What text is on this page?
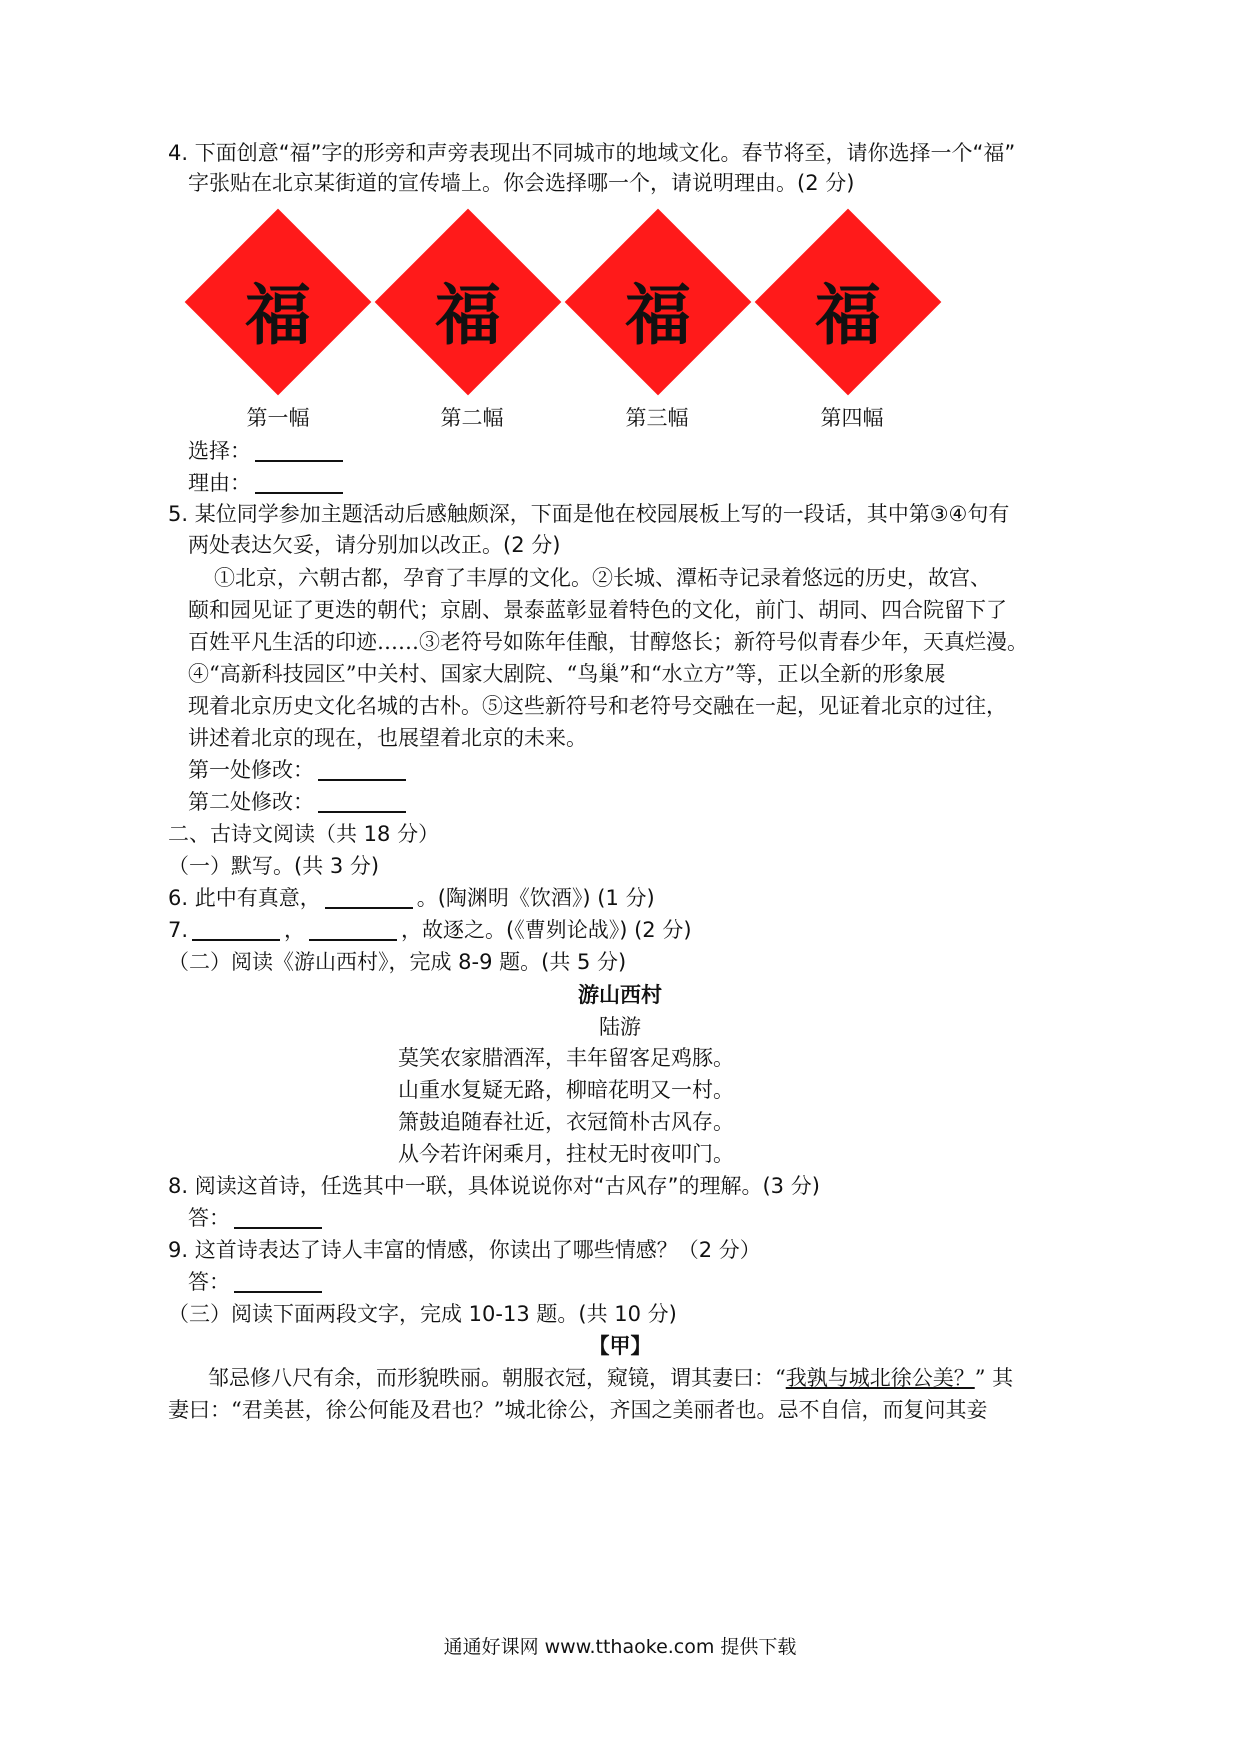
4. 下面创意“福”字的形旁和声旁表现出不同城市的地域文化。春节将至，请你选择一个“福”
字张贴在北京某街道的宣传墙上。你会选择哪一个，请说明理由。(2 分)
福	福	福	福
第一幅	第二幅	第三幅	第四幅
选择：
理由：
5. 某位同学参加主题活动后感触颇深，下面是他在校园展板上写的一段话，其中第③④句有
两处表达欠妥，请分别加以改正。(2 分)
①北京，六朝古都，孕育了丰厚的文化。②长城、潭柘寺记录着悠远的历史，故宫、
颐和园见证了更迭的朝代；京剧、景泰蓝彰显着特色的文化，前门、胡同、四合院留下了
百姓平凡生活的印迹……③老符号如陈年佳酿，甘醇悠长；新符号似青春少年，天真烂漫。
④“高新科技园区”中关村、国家大剧院、“鸟巢”和“水立方”等，正以全新的形象展
现着北京历史文化名城的古朴。⑤这些新符号和老符号交融在一起，见证着北京的过往，
讲述着北京的现在，也展望着北京的未来。
第一处修改：
第二处修改：
二、古诗文阅读（共 18 分）
（一）默写。(共 3 分)
6. 此中有真意，	。(陶渊明《饮酒》) (1 分)
7.	，	，故逐之。(《曹刿论战》) (2 分)
（二）阅读《游山西村》，完成 8-9 题。(共 5 分)
游山西村
陆游
莫笑农家腊酒浑，丰年留客足鸡豚。
山重水复疑无路，柳暗花明又一村。
箫鼓追随春社近，衣冠简朴古风存。
从今若许闲乘月，拄杖无时夜叩门。
8. 阅读这首诗，任选其中一联，具体说说你对“古风存”的理解。(3 分)
答：
9. 这首诗表达了诗人丰富的情感，你读出了哪些情感？（2 分）
答：
（三）阅读下面两段文字，完成 10-13 题。(共 10 分)
【甲】
邹忌修八尺有余，而形貌昳丽。朝服衣冠，窥镜，谓其妻曰：“我孰与城北徐公美？” 其
妻曰：“君美甚，徐公何能及君也？”城北徐公，齐国之美丽者也。忌不自信，而复问其妾
通通好课网 www.tthaoke.com 提供下载
